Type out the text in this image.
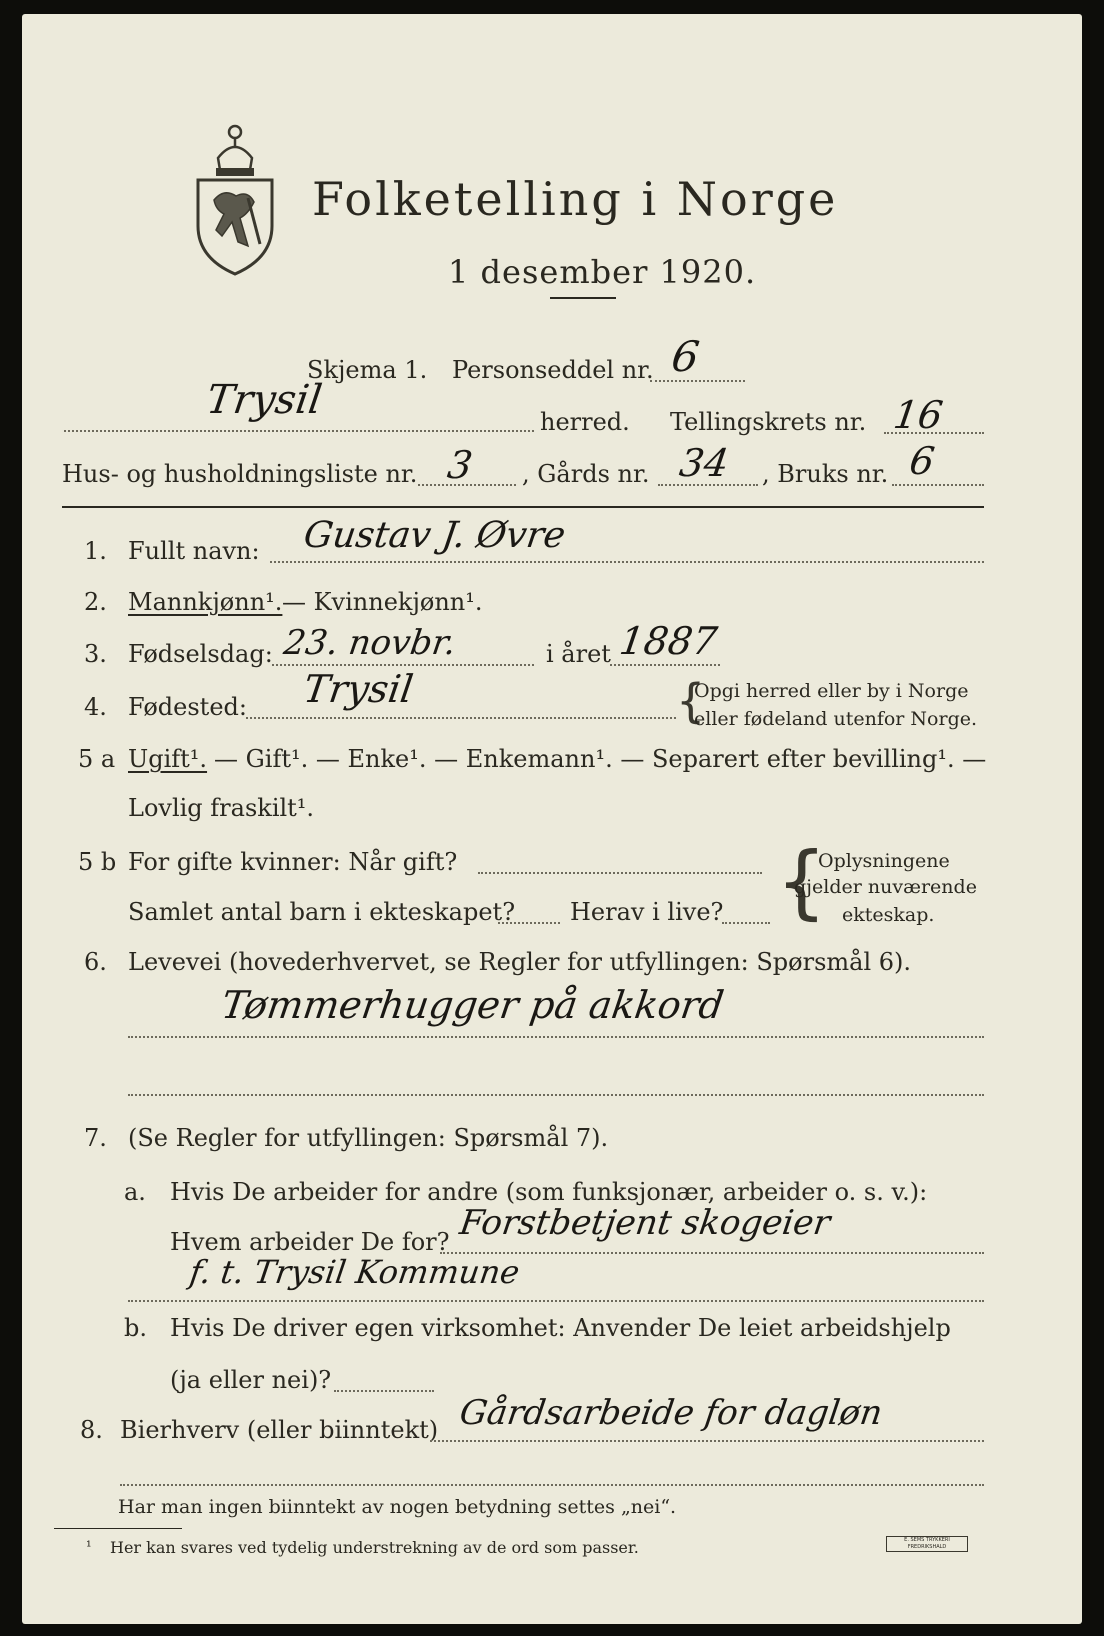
Folketelling i Norge
1 desember 1920.
Skjema 1. Personseddel nr. 6
Trysil	herred. Tellingskrets nr. 16
Hus- og husholdningsliste nr. 3 , Gårds nr. 34 , Bruks nr. 6
1. Fullt navn: Gustav J. Øvre
2. Mannkjønn¹. — Kvinnekjønn¹.
3. Fødselsdag: 23. novbr.	i året 1887
4. Fødested: Trysil	{
Opgi herred eller by i Norge
eller fødeland utenfor Norge.
5 a Ugift¹. — Gift¹. — Enke¹. — Enkemann¹. — Separert efter bevilling¹. —
Lovlig fraskilt¹.
5 b For gifte kvinner: Når gift?
Samlet antal barn i ekteskapet? Herav i live? {
Oplysningene
gjelder nuværende
ekteskap.
6. Levevei (hovederhvervet, se Regler for utfyllingen: Spørsmål 6).
Tømmerhugger på akkord
7. (Se Regler for utfyllingen: Spørsmål 7).
a. Hvis De arbeider for andre (som funksjonær, arbeider o. s. v.):
Hvem arbeider De for? Forstbetjent skogeier
f. t. Trysil Kommune
b. Hvis De driver egen virksomhet: Anvender De leiet arbeidshjelp
(ja eller nei)?
8. Bierhverv (eller biinntekt) Gårdsarbeide for dagløn
Har man ingen biinntekt av nogen betydning settes „nei“.
¹ Her kan svares ved tydelig understrekning av de ord som passer.	E. SEMS TRYKKERI FREDRIKSHALD
